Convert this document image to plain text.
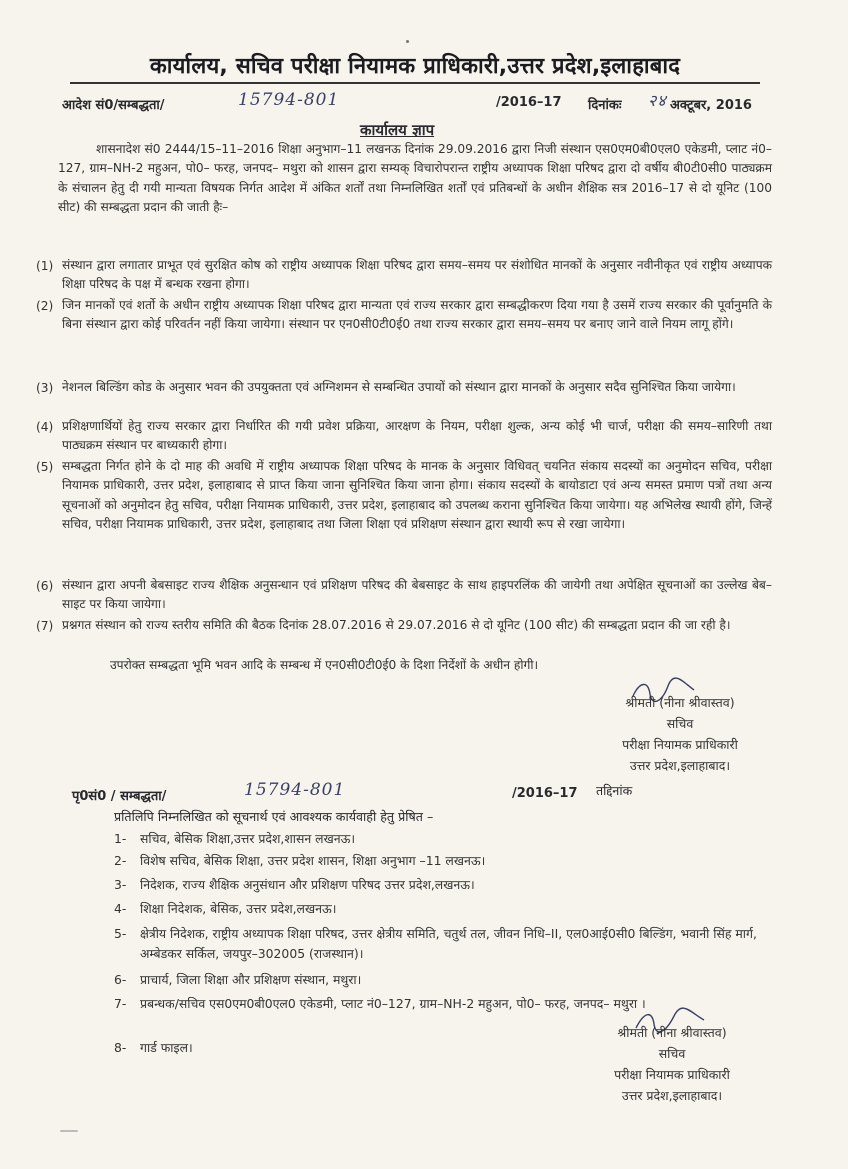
कार्यालय, सचिव परीक्षा नियामक प्राधिकारी,उत्तर प्रदेश,इलाहाबाद
आदेश सं0/सम्बद्धता/	15794-801	/2016–17 दिनांकः २४ अक्टूबर, 2016
कार्यालय ज्ञाप
शासनादेश सं0 2444/15–11–2016 शिक्षा अनुभाग–11 लखनऊ दिनांक 29.09.2016 द्वारा निजी संस्थान एस0एम0बी0एल0 एकेडमी, प्लाट नं0–127, ग्राम–NH-2 महुअन, पो0– फरह, जनपद– मथुरा को शासन द्वारा सम्यक् विचारोपरान्त राष्ट्रीय अध्यापक शिक्षा परिषद द्वारा दो वर्षीय बी0टी0सी0 पाठ्यक्रम के संचालन हेतु दी गयी मान्यता विषयक निर्गत आदेश में अंकित शर्तों तथा निम्नलिखित शर्तों एवं प्रतिबन्धों के अधीन शैक्षिक सत्र 2016–17 से दो यूनिट (100 सीट) की सम्बद्धता प्रदान की जाती हैः–
(1) संस्थान द्वारा लगातार प्राभूत एवं सुरक्षित कोष को राष्ट्रीय अध्यापक शिक्षा परिषद द्वारा समय–समय पर संशोधित मानकों के अनुसार नवीनीकृत एवं राष्ट्रीय अध्यापक शिक्षा परिषद के पक्ष में बन्धक रखना होगा।
(2) जिन मानकों एवं शर्तो के अधीन राष्ट्रीय अध्यापक शिक्षा परिषद द्वारा मान्यता एवं राज्य सरकार द्वारा सम्बद्धीकरण दिया गया है उसमें राज्य सरकार की पूर्वानुमति के बिना संस्थान द्वारा कोई परिवर्तन नहीं किया जायेगा। संस्थान पर एन0सी0टी0ई0 तथा राज्य सरकार द्वारा समय–समय पर बनाए जाने वाले नियम लागू होंगे।
(3) नेशनल बिल्डिंग कोड के अनुसार भवन की उपयुक्तता एवं अग्निशमन से सम्बन्धित उपायों को संस्थान द्वारा मानकों के अनुसार सदैव सुनिश्चित किया जायेगा।
(4) प्रशिक्षणार्थियों हेतु राज्य सरकार द्वारा निर्धारित की गयी प्रवेश प्रक्रिया, आरक्षण के नियम, परीक्षा शुल्क, अन्य कोई भी चार्ज, परीक्षा की समय–सारिणी तथा पाठ्यक्रम संस्थान पर बाध्यकारी होगा।
(5) सम्बद्धता निर्गत होने के दो माह की अवधि में राष्ट्रीय अध्यापक शिक्षा परिषद के मानक के अनुसार विधिवत् चयनित संकाय सदस्यों का अनुमोदन सचिव, परीक्षा नियामक प्राधिकारी, उत्तर प्रदेश, इलाहाबाद से प्राप्त किया जाना सुनिश्चित किया जाना होगा। संकाय सदस्यों के बायोडाटा एवं अन्य समस्त प्रमाण पत्रों तथा अन्य सूचनाओं को अनुमोदन हेतु सचिव, परीक्षा नियामक प्राधिकारी, उत्तर प्रदेश, इलाहाबाद को उपलब्ध कराना सुनिश्चित किया जायेगा। यह अभिलेख स्थायी होंगे, जिन्हें सचिव, परीक्षा नियामक प्राधिकारी, उत्तर प्रदेश, इलाहाबाद तथा जिला शिक्षा एवं प्रशिक्षण संस्थान द्वारा स्थायी रूप से रखा जायेगा।
(6) संस्थान द्वारा अपनी बेबसाइट राज्य शैक्षिक अनुसन्धान एवं प्रशिक्षण परिषद की बेबसाइट के साथ हाइपरलिंक की जायेगी तथा अपेक्षित सूचनाओं का उल्लेख बेब–साइट पर किया जायेगा।
(7) प्रश्नगत संस्थान को राज्य स्तरीय समिति की बैठक दिनांक 28.07.2016 से 29.07.2016 से दो यूनिट (100 सीट) की सम्बद्धता प्रदान की जा रही है।
उपरोक्त सम्बद्धता भूमि भवन आदि के सम्बन्ध में एन0सी0टी0ई0 के दिशा निर्देशों के अधीन होगी।
श्रीमती (नीना श्रीवास्तव)
सचिव
परीक्षा नियामक प्राधिकारी
उत्तर प्रदेश,इलाहाबाद।
पृ0सं0 / सम्बद्धता/	15794-801	/2016–17 तद्दिनांक
प्रतिलिपि निम्नलिखित को सूचनार्थ एवं आवश्यक कार्यवाही हेतु प्रेषित –
1- सचिव, बेसिक शिक्षा,उत्तर प्रदेश,शासन लखनऊ।
2- विशेष सचिव, बेसिक शिक्षा, उत्तर प्रदेश शासन, शिक्षा अनुभाग –11 लखनऊ।
3- निदेशक, राज्य शैक्षिक अनुसंधान और प्रशिक्षण परिषद उत्तर प्रदेश,लखनऊ।
4- शिक्षा निदेशक, बेसिक, उत्तर प्रदेश,लखनऊ।
5- क्षेत्रीय निदेशक, राष्ट्रीय अध्यापक शिक्षा परिषद, उत्तर क्षेत्रीय समिति, चतुर्थ तल, जीवन निधि–II, एल0आई0सी0 बिल्डिंग, भवानी सिंह मार्ग, अम्बेडकर सर्किल, जयपुर–302005 (राजस्थान)।
6- प्राचार्य, जिला शिक्षा और प्रशिक्षण संस्थान, मथुरा।
7- प्रबन्धक/सचिव एस0एम0बी0एल0 एकेडमी, प्लाट नं0–127, ग्राम–NH-2 महुअन, पो0– फरह, जनपद– मथुरा ।
8- गार्ड फाइल।
श्रीमती (नीना श्रीवास्तव)
सचिव
परीक्षा नियामक प्राधिकारी
उत्तर प्रदेश,इलाहाबाद।
